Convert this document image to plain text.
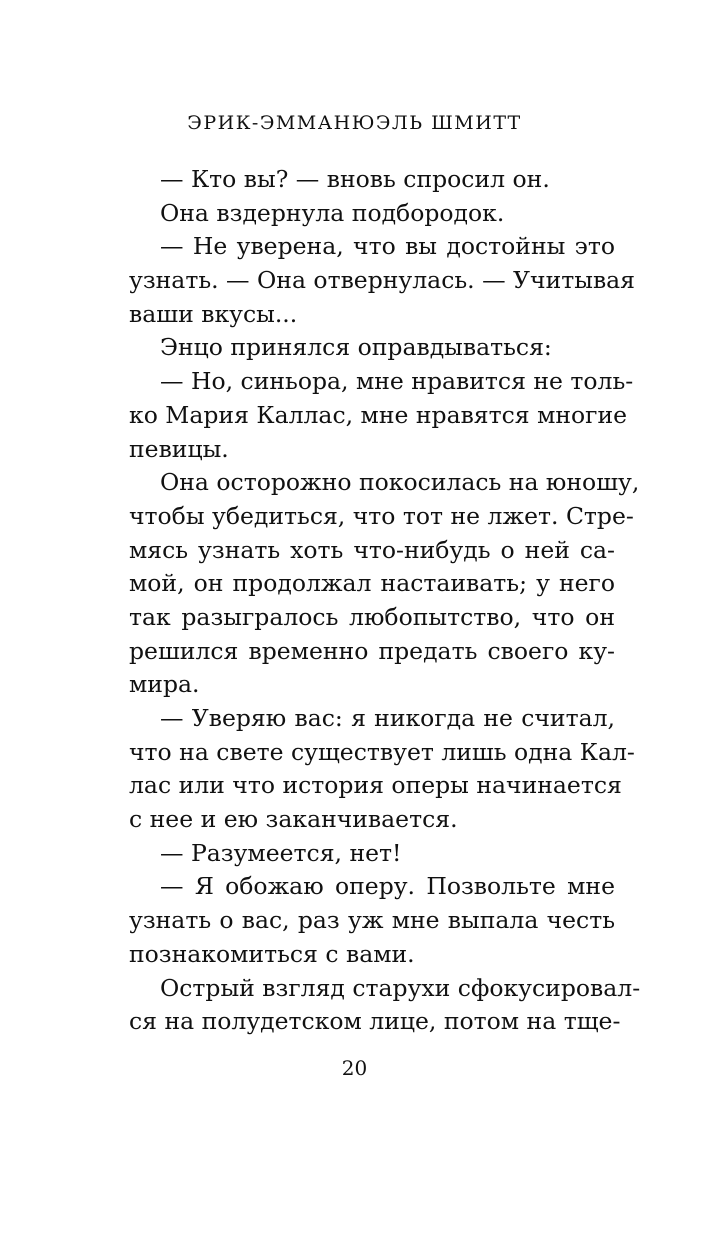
ЭРИК-ЭММАНЮЭЛЬ ШМИТТ
— Кто вы? — вновь спросил он.
Она вздернула подбородок.
— Не уверена, что вы достойны это
узнать. — Она отвернулась. — Учитывая
ваши вкусы...
Энцо принялся оправдываться:
— Но, синьора, мне нравится не толь-
ко Мария Каллас, мне нравятся многие
певицы.
Она осторожно покосилась на юношу,
чтобы убедиться, что тот не лжет. Стре-
мясь узнать хоть что-нибудь о ней са-
мой, он продолжал настаивать; у него
так разыгралось любопытство, что он
решился временно предать своего ку-
мира.
— Уверяю вас: я никогда не считал,
что на свете существует лишь одна Кал-
лас или что история оперы начинается
с нее и ею заканчивается.
— Разумеется, нет!
— Я обожаю оперу. Позвольте мне
узнать о вас, раз уж мне выпала честь
познакомиться с вами.
Острый взгляд старухи сфокусировал-
ся на полудетском лице, потом на тще-
20
